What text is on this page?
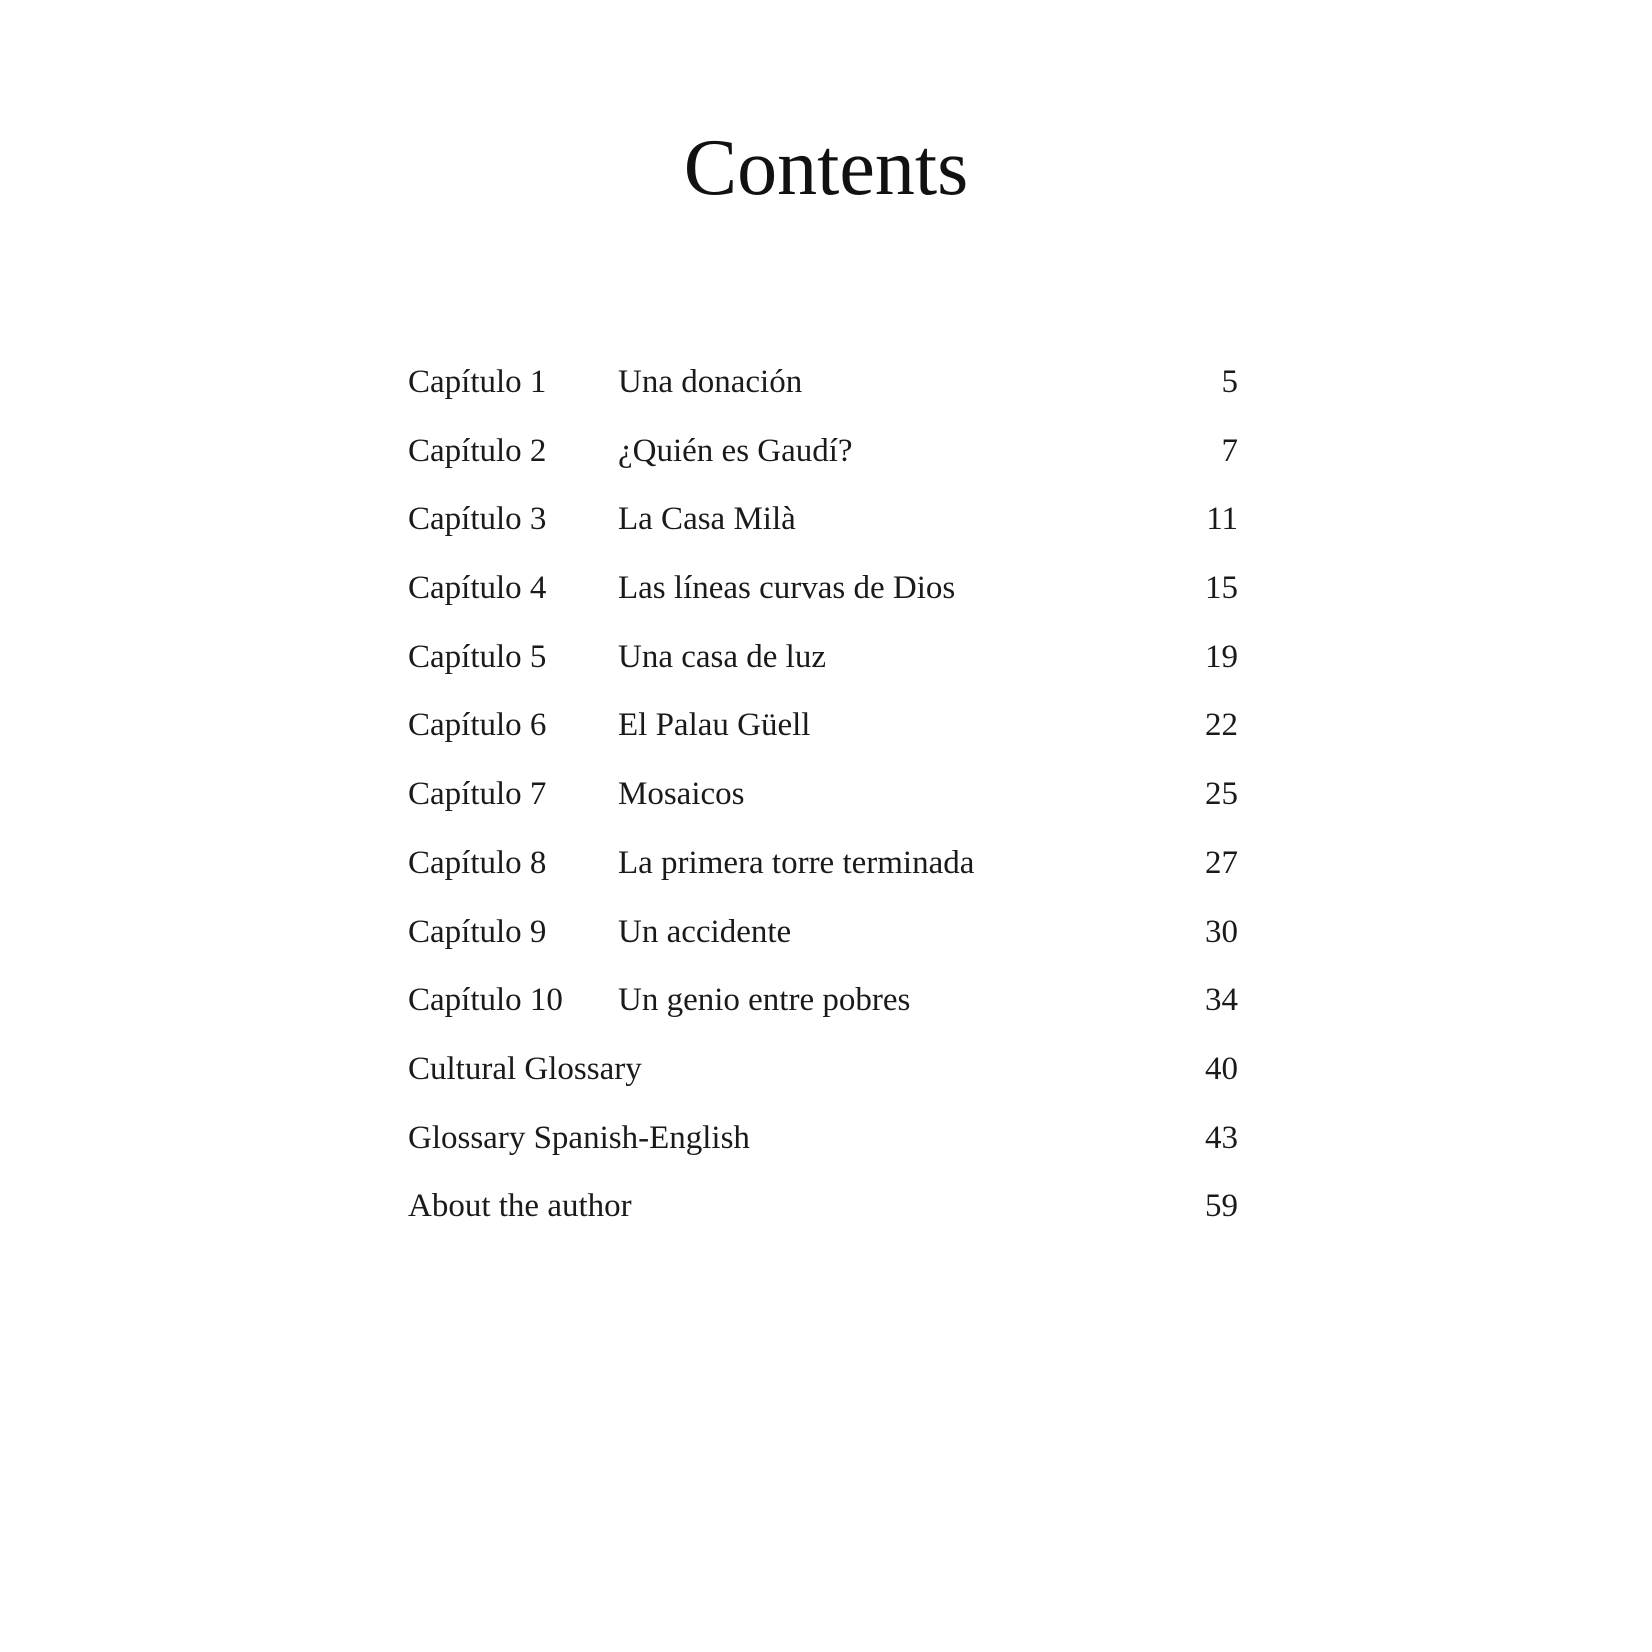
Contents
Capítulo 1 Una donación	5
Capítulo 2 ¿Quién es Gaudí?	7
Capítulo 3 La Casa Milà	11
Capítulo 4 Las líneas curvas de Dios	15
Capítulo 5 Una casa de luz	19
Capítulo 6 El Palau Güell	22
Capítulo 7 Mosaicos	25
Capítulo 8 La primera torre terminada	27
Capítulo 9 Un accidente	30
Capítulo 10 Un genio entre pobres	34
Cultural Glossary	40
Glossary Spanish-English	43
About the author	59
